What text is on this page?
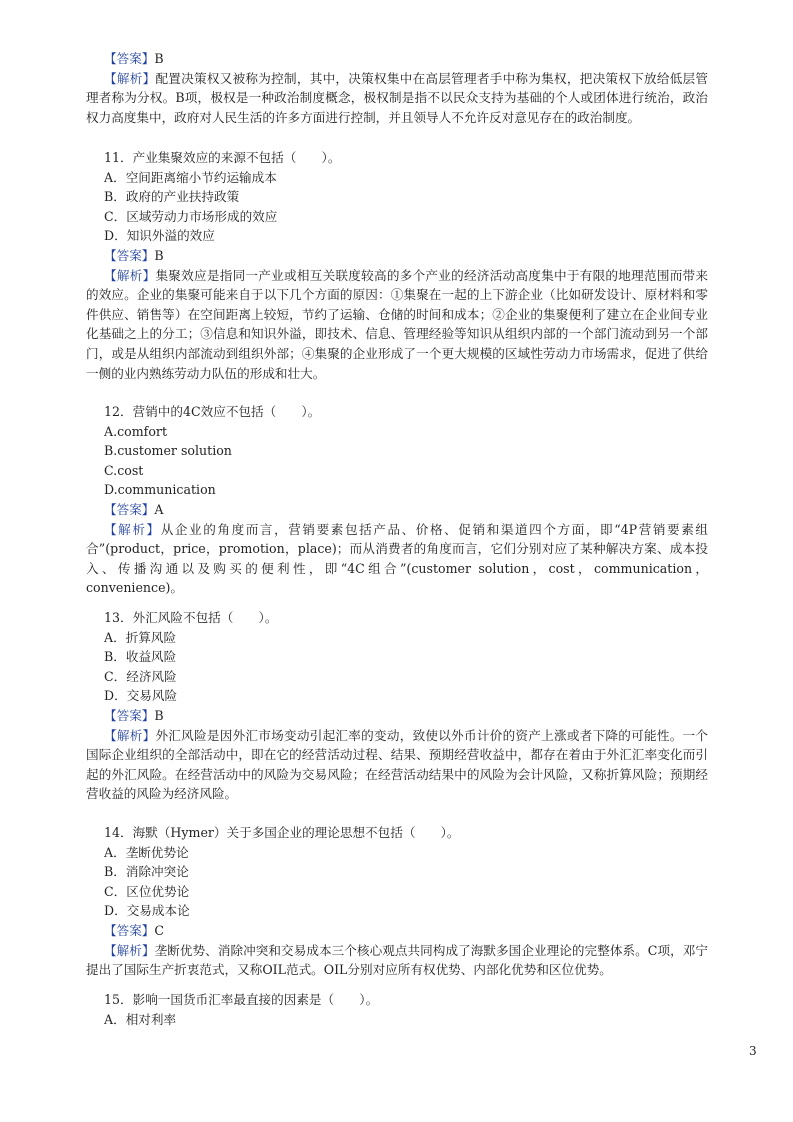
【答案】B
【解析】配置决策权又被称为控制，其中，决策权集中在高层管理者手中称为集权，把决策权下放给低层管理者称为分权。B项，极权是一种政治制度概念，极权制是指不以民众支持为基础的个人或团体进行统治，政治权力高度集中，政府对人民生活的许多方面进行控制，并且领导人不允许反对意见存在的政治制度。
11．产业集聚效应的来源不包括（　　）。
A．空间距离缩小节约运输成本
B．政府的产业扶持政策
C．区域劳动力市场形成的效应
D．知识外溢的效应
【答案】B
【解析】集聚效应是指同一产业或相互关联度较高的多个产业的经济活动高度集中于有限的地理范围而带来的效应。企业的集聚可能来自于以下几个方面的原因：①集聚在一起的上下游企业（比如研发设计、原材料和零件供应、销售等）在空间距离上较短，节约了运输、仓储的时间和成本；②企业的集聚便利了建立在企业间专业化基础之上的分工；③信息和知识外溢，即技术、信息、管理经验等知识从组织内部的一个部门流动到另一个部门，或是从组织内部流动到组织外部；④集聚的企业形成了一个更大规模的区域性劳动力市场需求，促进了供给一侧的业内熟练劳动力队伍的形成和壮大。
12．营销中的4C效应不包括（　　）。
A.comfort
B.customer solution
C.cost
D.communication
【答案】A
【解析】从企业的角度而言，营销要素包括产品、价格、促销和渠道四个方面，即“4P营销要素组合”(product，price，promotion，place)；而从消费者的角度而言，它们分别对应了某种解决方案、成本投入、传播沟通以及购买的便利性，即“4C组合”(customer solution，cost，communication，convenience)。
13．外汇风险不包括（　　）。
A．折算风险
B．收益风险
C．经济风险
D．交易风险
【答案】B
【解析】外汇风险是因外汇市场变动引起汇率的变动，致使以外币计价的资产上涨或者下降的可能性。一个国际企业组织的全部活动中，即在它的经营活动过程、结果、预期经营收益中，都存在着由于外汇汇率变化而引起的外汇风险。在经营活动中的风险为交易风险；在经营活动结果中的风险为会计风险，又称折算风险；预期经营收益的风险为经济风险。
14．海默（Hymer）关于多国企业的理论思想不包括（　　）。
A．垄断优势论
B．消除冲突论
C．区位优势论
D．交易成本论
【答案】C
【解析】垄断优势、消除冲突和交易成本三个核心观点共同构成了海默多国企业理论的完整体系。C项，邓宁提出了国际生产折衷范式，又称OIL范式。OIL分别对应所有权优势、内部化优势和区位优势。
15．影响一国货币汇率最直接的因素是（　　）。
A．相对利率
3
